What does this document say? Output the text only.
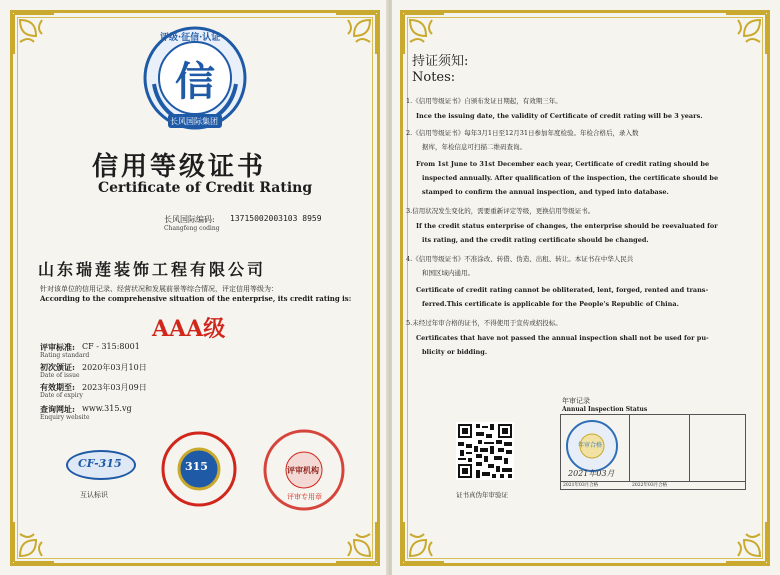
评级·征信·认证
信
长风国际集团
信用等级证书
Certificate of Credit Rating
长风国际编码: 13715002003103 8959
Changfeng coding
山东瑞莲装饰工程有限公司
针对该单位的信用记录、经营状况和发展前景等综合情况，评定信用等级为：
According to the comprehensive situation of the enterprise, its credit rating is:
AAA级
评审标准: CF - 315:8001
Rating standard
初次颁证: 2020年03月10日
Date of issue
有效期至: 2023年03月09日
Date of expiry
查询网址: www.315.vg
Enquiry website
CF-315
互认标识
315	评审机构
评审专用章
持证须知:
Notes:
1.《信用等级证书》自颁布发证日期起，有效期三年。
Ince the issuing date, the validity of Certificate of credit rating will be 3 years.
2.《信用等级证书》每年3月1日至12月31日参加年度检验。年检合格后，录入数
据库，年检信息可扫描二维码查询。
From 1st June to 31st December each year, Certificate of credit rating should be
inspected annually. After qualification of the inspection, the certificate should be
stamped to confirm the annual inspection, and typed into database.
3.信用状况发生变化的，需要重新评定等级，更换信用等级证书。
If the credit status enterprise of changes, the enterprise should be reevaluated for
its rating, and the credit rating certificate should be changed.
4.《信用等级证书》不准涂改、转借、伪造、出租、转让。本证书在中华人民共
和国区域内通用。
Certificate of credit rating cannot be obliterated, lent, forged, rented and trans-
ferred.This certificate is applicable for the People's Republic of China.
5.未经过年审合格的证书，不得使用于宣传或招投标。
Certificates that have not passed the annual inspection shall not be used for pu-
blicity or bidding.
证书真伪年审验证
年审记录
Annual Inspection Status
年审合格
2021年03月
2021年03月合格	2022年03月合格
